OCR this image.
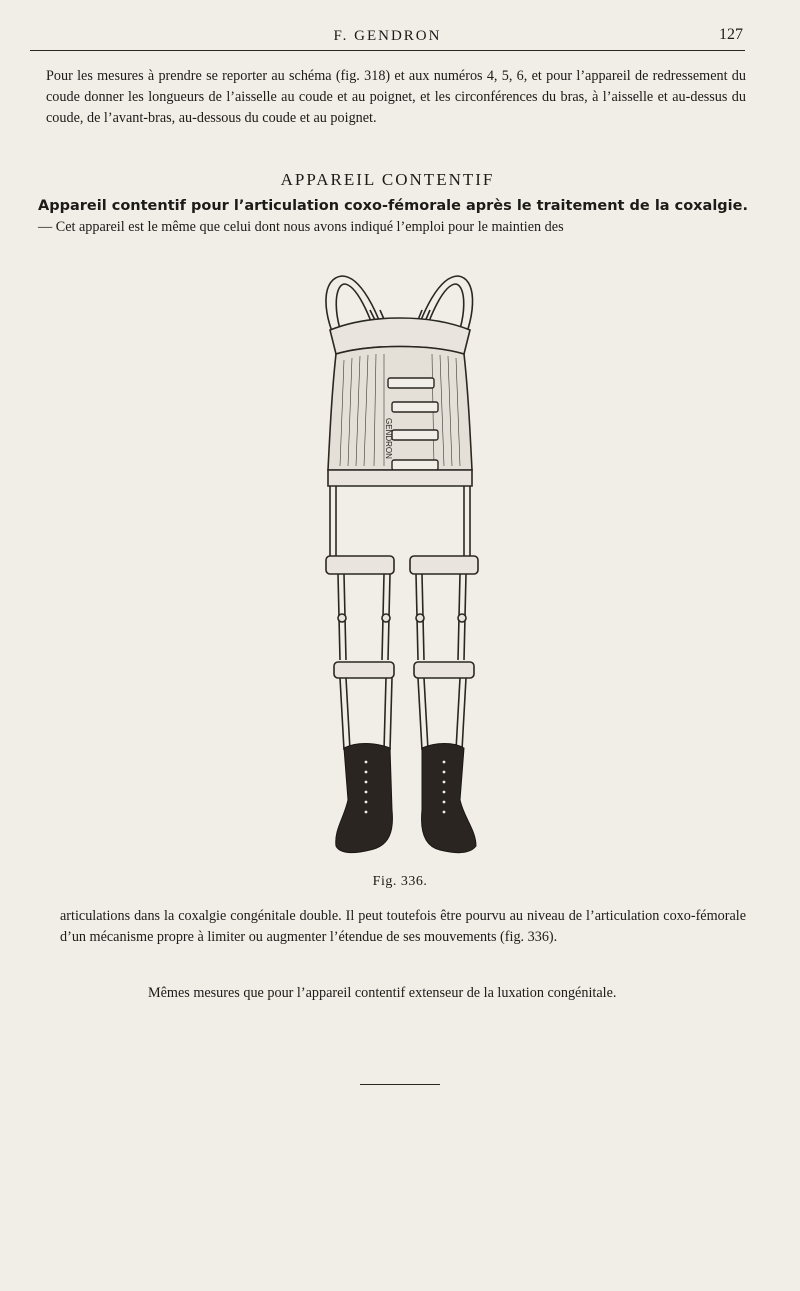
F. GENDRON	127

Pour les mesures à prendre se reporter au schéma (fig. 318) et aux numéros 4, 5, 6, et pour l’appareil de redressement du coude donner les longueurs de l’aisselle au coude et au poignet, et les circonférences du bras, à l’aisselle et au-dessus du coude, de l’avant-bras, au-dessous du coude et au poignet.

APPAREIL CONTENTIF

Appareil contentif pour l’articulation coxo-fémorale après le traitement de la coxalgie. — Cet appareil est le même que celui dont nous avons indiqué l’emploi pour le maintien des

GENDRON
Fig. 336.

articulations dans la coxalgie congénitale double. Il peut toutefois être pourvu au niveau de l’articulation coxo-fémorale d’un mécanisme propre à limiter ou augmenter l’étendue de ses mouvements (fig. 336).

Mêmes mesures que pour l’appareil contentif extenseur de la luxation congénitale.
